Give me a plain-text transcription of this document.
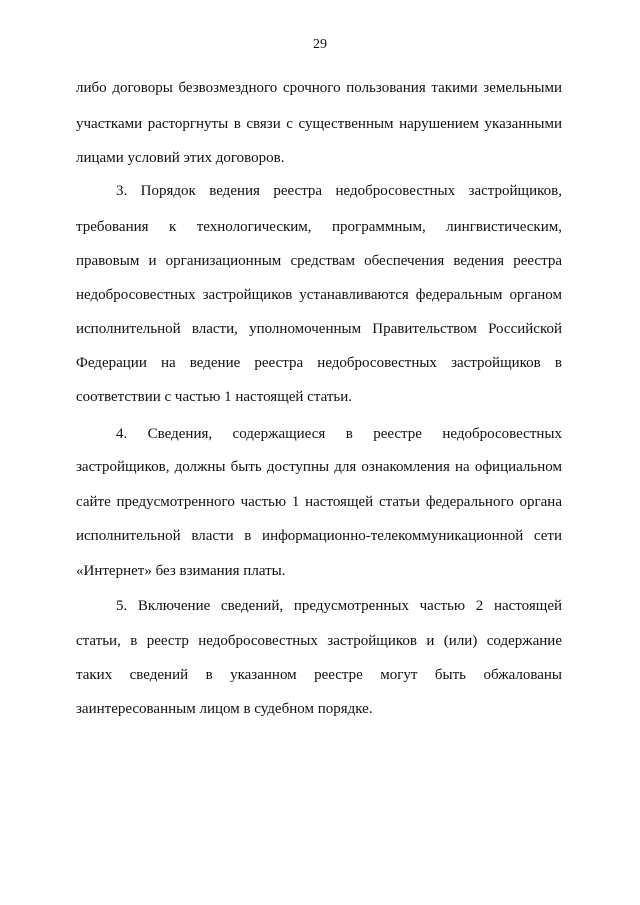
29
либо договоры безвозмездного срочного пользования такими земельными
участками расторгнуты в связи с существенным нарушением указанными
лицами условий этих договоров.
3. Порядок ведения реестра недобросовестных застройщиков,
требования к технологическим, программным, лингвистическим,
правовым и организационным средствам обеспечения ведения реестра
недобросовестных застройщиков устанавливаются федеральным органом
исполнительной власти, уполномоченным Правительством Российской
Федерации на ведение реестра недобросовестных застройщиков в
соответствии с частью 1 настоящей статьи.
4. Сведения, содержащиеся в реестре недобросовестных
застройщиков, должны быть доступны для ознакомления на официальном
сайте предусмотренного частью 1 настоящей статьи федерального органа
исполнительной власти в информационно-телекоммуникационной сети
«Интернет» без взимания платы.
5. Включение сведений, предусмотренных частью 2 настоящей
статьи, в реестр недобросовестных застройщиков и (или) содержание
таких сведений в указанном реестре могут быть обжалованы
заинтересованным лицом в судебном порядке.
